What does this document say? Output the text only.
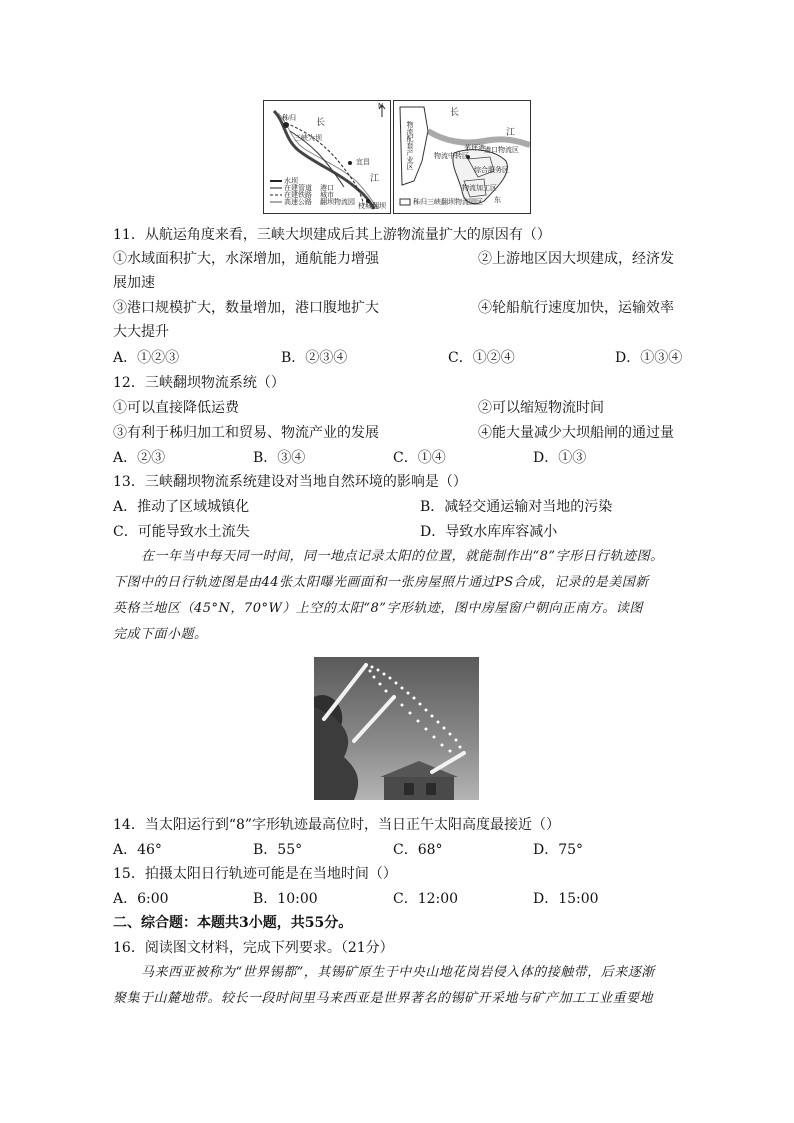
N
长
江
三峡大坝
宜昌
秭归
枝城翻坝
水坝
在建管道
在建铁路
高速公路
港口
城市
翻坝物流园
长
江
物流配套产业区	茅坪港
物流中转区
港口物流区
综合服务区
物流加工区
东
秭归三峡翻坝物流园区
11．从航运角度来看，三峡大坝建成后其上游物流量扩大的原因有（）
①水域面积扩大，水深增加，通航能力增强	②上游地区因大坝建成，经济发
展加速
③港口规模扩大，数量增加，港口腹地扩大	④轮船航行速度加快，运输效率
大大提升
A．①②③	B．②③④	C．①②④	D．①③④
12．三峡翻坝物流系统（）
①可以直接降低运费	②可以缩短物流时间
③有利于秭归加工和贸易、物流产业的发展	④能大量减少大坝船闸的通过量
A．②③	B．③④	C．①④	D．①③
13．三峡翻坝物流系统建设对当地自然环境的影响是（）
A．推动了区域城镇化	B．减轻交通运输对当地的污染
C．可能导致水土流失	D．导致水库库容减小
在一年当中每天同一时间，同一地点记录太阳的位置，就能制作出“8”字形日行轨迹图。
下图中的日行轨迹图是由44张太阳曝光画面和一张房屋照片通过PS合成，记录的是美国新
英格兰地区（45°N，70°W）上空的太阳“8”字形轨迹，图中房屋窗户朝向正南方。读图
完成下面小题。
14．当太阳运行到“8”字形轨迹最高位时，当日正午太阳高度最接近（）
A．46°	B．55°	C．68°	D．75°
15．拍摄太阳日行轨迹可能是在当地时间（）
A．6:00	B．10:00	C．12:00	D．15:00
二、综合题：本题共3小题，共55分。
16．阅读图文材料，完成下列要求。（21分）
马来西亚被称为“世界锡都”，其锡矿原生于中央山地花岗岩侵入体的接触带，后来逐渐
聚集于山麓地带。较长一段时间里马来西亚是世界著名的锡矿开采地与矿产加工工业重要地
